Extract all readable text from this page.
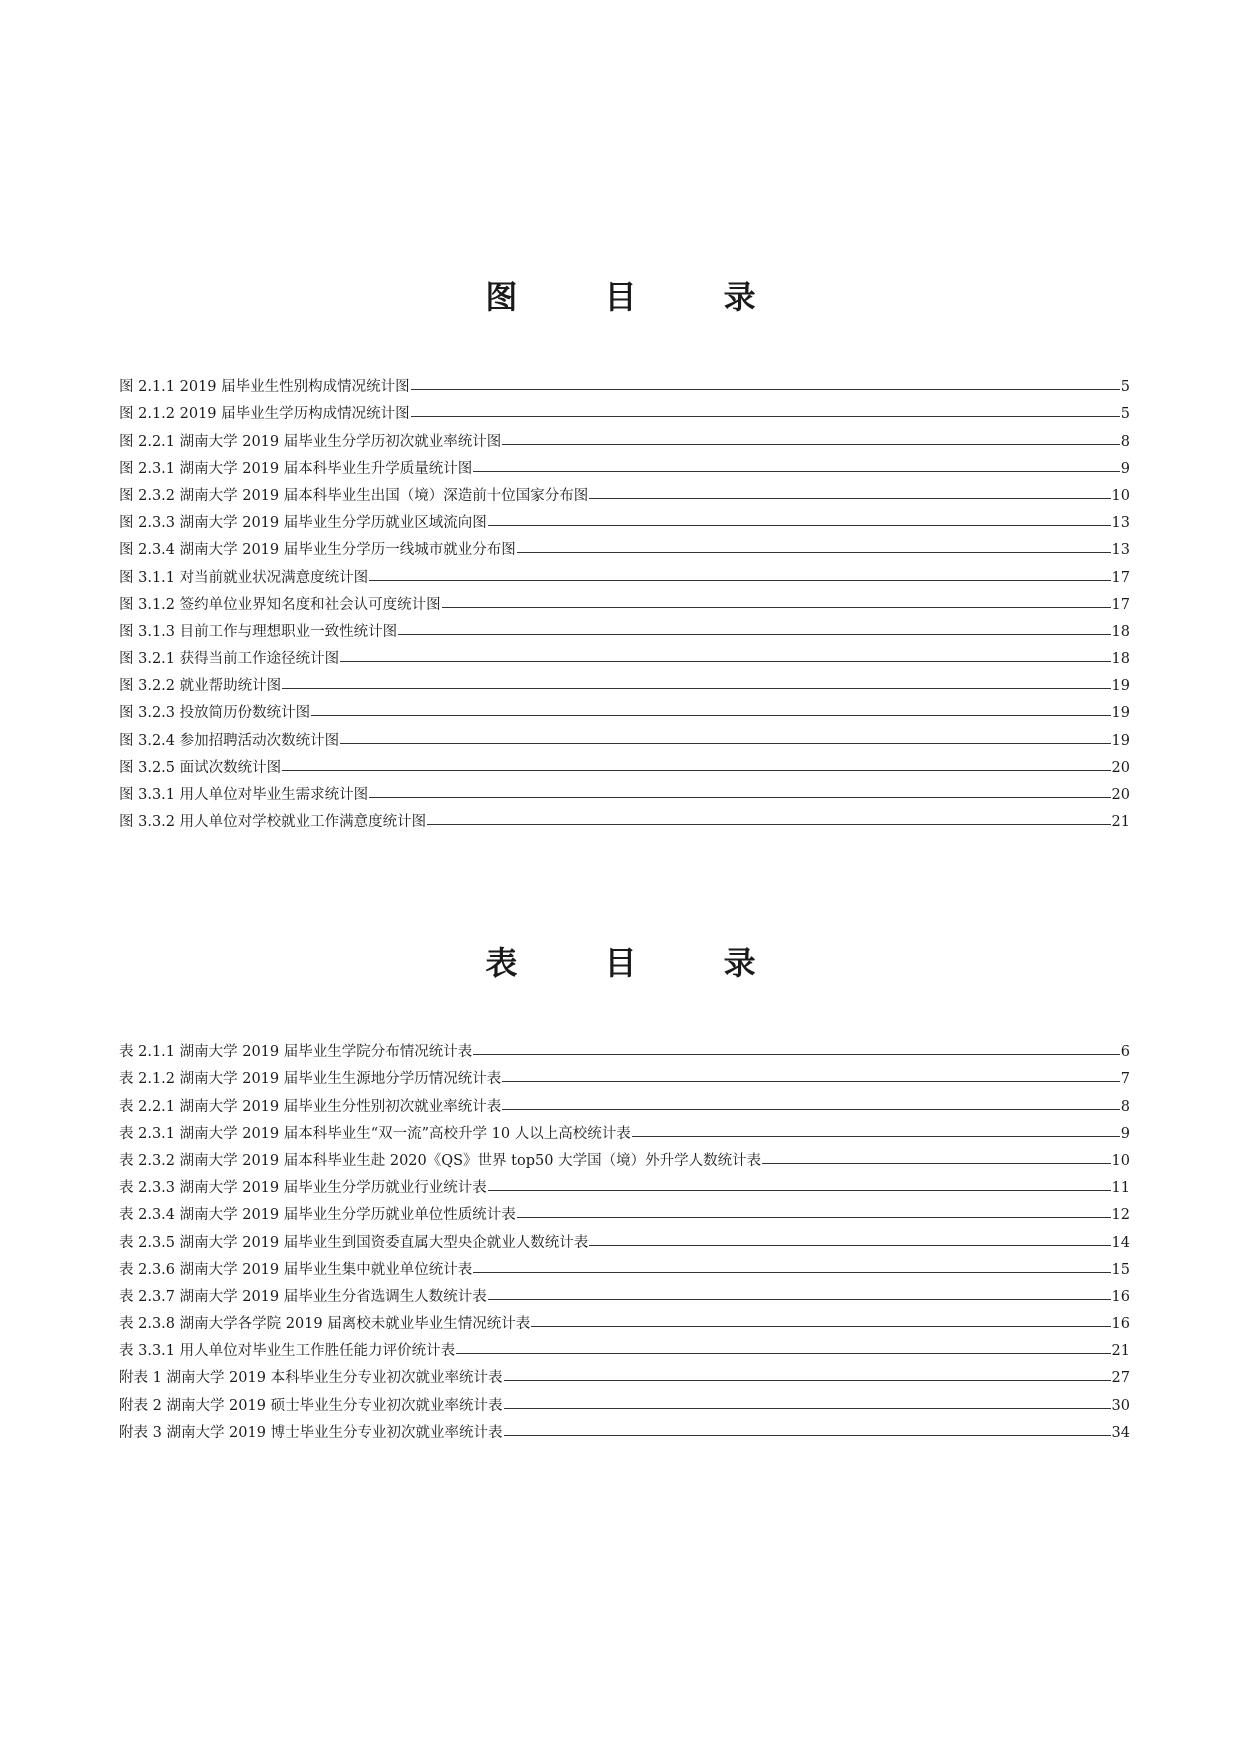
图 目 录
图 2.1.1 2019 届毕业生性别构成情况统计图	5
图 2.1.2 2019 届毕业生学历构成情况统计图	5
图 2.2.1 湖南大学 2019 届毕业生分学历初次就业率统计图	8
图 2.3.1 湖南大学 2019 届本科毕业生升学质量统计图	9
图 2.3.2 湖南大学 2019 届本科毕业生出国（境）深造前十位国家分布图	10
图 2.3.3 湖南大学 2019 届毕业生分学历就业区域流向图	13
图 2.3.4 湖南大学 2019 届毕业生分学历一线城市就业分布图	13
图 3.1.1 对当前就业状况满意度统计图	17
图 3.1.2 签约单位业界知名度和社会认可度统计图	17
图 3.1.3 目前工作与理想职业一致性统计图	18
图 3.2.1 获得当前工作途径统计图	18
图 3.2.2 就业帮助统计图	19
图 3.2.3 投放简历份数统计图	19
图 3.2.4 参加招聘活动次数统计图	19
图 3.2.5 面试次数统计图	20
图 3.3.1 用人单位对毕业生需求统计图	20
图 3.3.2 用人单位对学校就业工作满意度统计图	21
表 目 录
表 2.1.1 湖南大学 2019 届毕业生学院分布情况统计表	6
表 2.1.2 湖南大学 2019 届毕业生生源地分学历情况统计表	7
表 2.2.1 湖南大学 2019 届毕业生分性别初次就业率统计表	8
表 2.3.1 湖南大学 2019 届本科毕业生“双一流”高校升学 10 人以上高校统计表	9
表 2.3.2 湖南大学 2019 届本科毕业生赴 2020《QS》世界 top50 大学国（境）外升学人数统计表	10
表 2.3.3 湖南大学 2019 届毕业生分学历就业行业统计表	11
表 2.3.4 湖南大学 2019 届毕业生分学历就业单位性质统计表	12
表 2.3.5 湖南大学 2019 届毕业生到国资委直属大型央企就业人数统计表	14
表 2.3.6 湖南大学 2019 届毕业生集中就业单位统计表	15
表 2.3.7 湖南大学 2019 届毕业生分省选调生人数统计表	16
表 2.3.8 湖南大学各学院 2019 届离校未就业毕业生情况统计表	16
表 3.3.1 用人单位对毕业生工作胜任能力评价统计表	21
附表 1 湖南大学 2019 本科毕业生分专业初次就业率统计表	27
附表 2 湖南大学 2019 硕士毕业生分专业初次就业率统计表	30
附表 3 湖南大学 2019 博士毕业生分专业初次就业率统计表	34
